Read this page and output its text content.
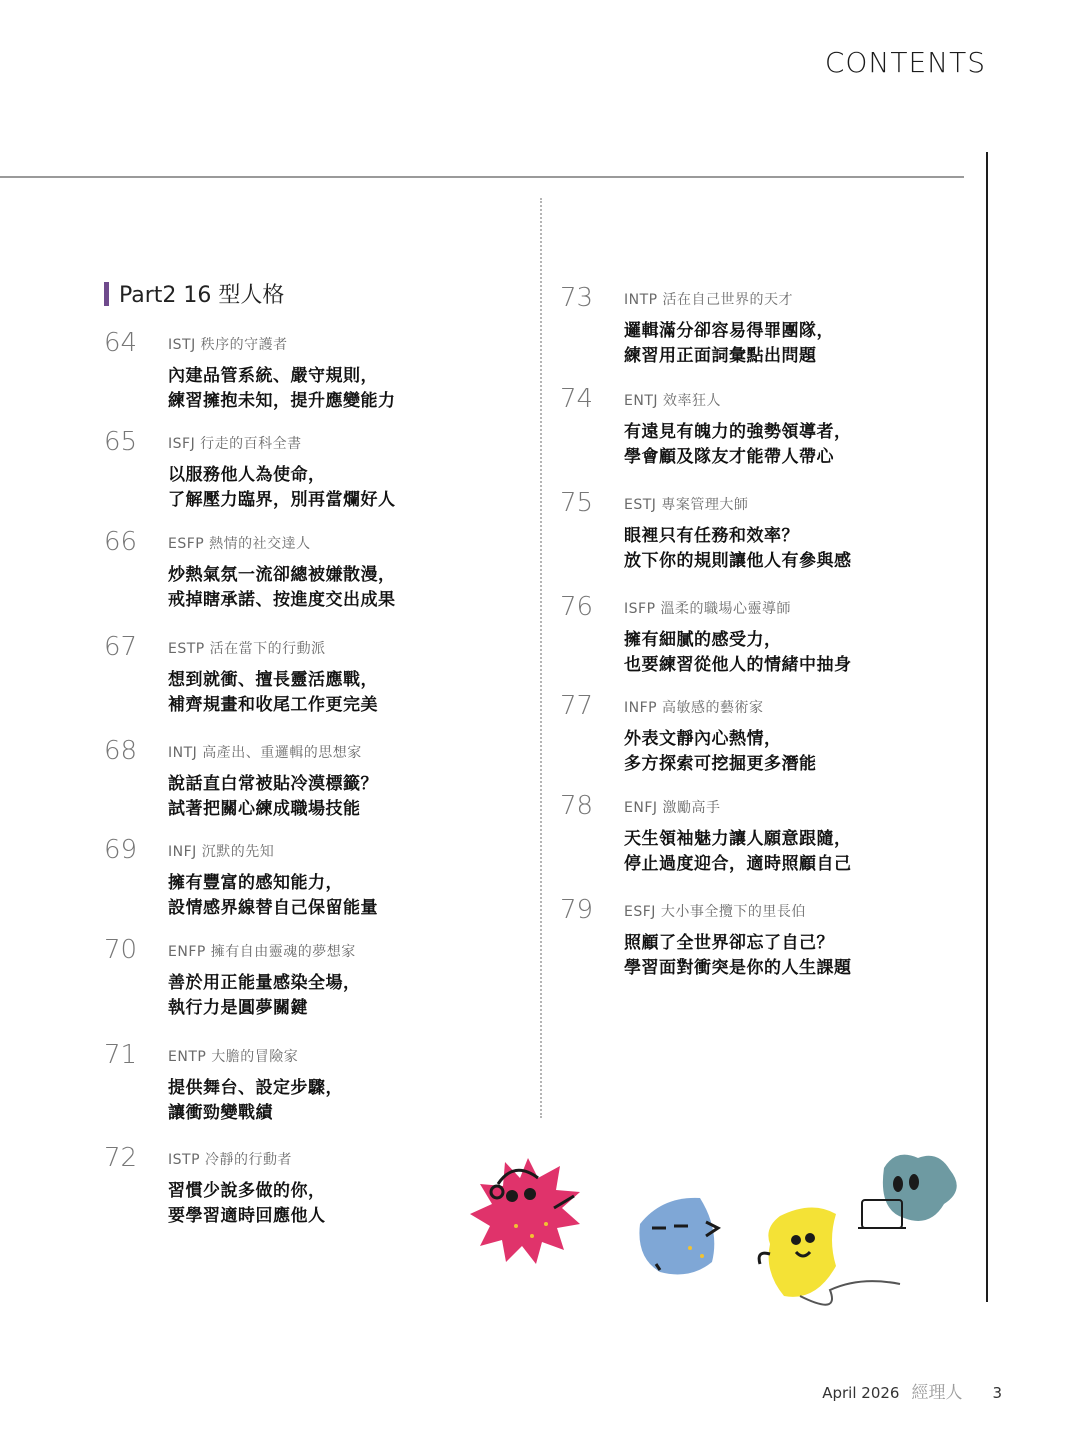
CONTENTS
Part2 16 型人格
64 ISTJ 秩序的守護者
內建品管系統、嚴守規則，
練習擁抱未知，提升應變能力
65 ISFJ 行走的百科全書
以服務他人為使命，
了解壓力臨界，別再當爛好人
66 ESFP 熱情的社交達人
炒熱氣氛一流卻總被嫌散漫，
戒掉瞎承諾、按進度交出成果
67 ESTP 活在當下的行動派
想到就衝、擅長靈活應戰，
補齊規畫和收尾工作更完美
68 INTJ 高產出、重邏輯的思想家
說話直白常被貼冷漠標籤？
試著把關心練成職場技能
69 INFJ 沉默的先知
擁有豐富的感知能力，
設情感界線替自己保留能量
70 ENFP 擁有自由靈魂的夢想家
善於用正能量感染全場，
執行力是圓夢關鍵
71 ENTP 大膽的冒險家
提供舞台、設定步驟，
讓衝勁變戰績
72 ISTP 冷靜的行動者
習慣少說多做的你，
要學習適時回應他人
73 INTP 活在自己世界的天才
邏輯滿分卻容易得罪團隊，
練習用正面詞彙點出問題
74 ENTJ 效率狂人
有遠見有魄力的強勢領導者，
學會顧及隊友才能帶人帶心
75 ESTJ 專案管理大師
眼裡只有任務和效率？
放下你的規則讓他人有參與感
76 ISFP 溫柔的職場心靈導師
擁有細膩的感受力，
也要練習從他人的情緒中抽身
77 INFP 高敏感的藝術家
外表文靜內心熱情，
多方探索可挖掘更多潛能
78 ENFJ 激勵高手
天生領袖魅力讓人願意跟隨，
停止過度迎合，適時照顧自己
79 ESFJ 大小事全攬下的里長伯
照顧了全世界卻忘了自己？
學習面對衝突是你的人生課題
April 2026 經理人 3
